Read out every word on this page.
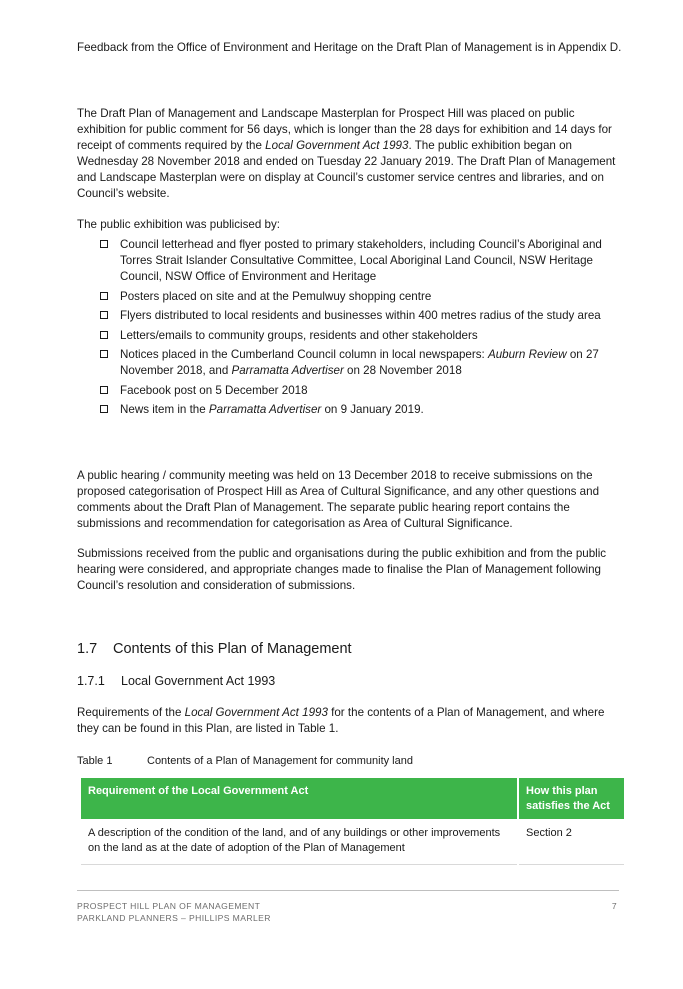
Feedback from the Office of Environment and Heritage on the Draft Plan of Management is in Appendix D.

The Draft Plan of Management and Landscape Masterplan for Prospect Hill was placed on public exhibition for public comment for 56 days, which is longer than the 28 days for exhibition and 14 days for receipt of comments required by the Local Government Act 1993. The public exhibition began on Wednesday 28 November 2018 and ended on Tuesday 22 January 2019. The Draft Plan of Management and Landscape Masterplan were on display at Council’s customer service centres and libraries, and on Council’s website.

The public exhibition was publicised by:

Council letterhead and flyer posted to primary stakeholders, including Council’s Aboriginal and Torres Strait Islander Consultative Committee, Local Aboriginal Land Council, NSW Heritage Council, NSW Office of Environment and Heritage
Posters placed on site and at the Pemulwuy shopping centre
Flyers distributed to local residents and businesses within 400 metres radius of the study area
Letters/emails to community groups, residents and other stakeholders
Notices placed in the Cumberland Council column in local newspapers: Auburn Review on 27 November 2018, and Parramatta Advertiser on 28 November 2018
Facebook post on 5 December 2018
News item in the Parramatta Advertiser on 9 January 2019.

A public hearing / community meeting was held on 13 December 2018 to receive submissions on the proposed categorisation of Prospect Hill as Area of Cultural Significance, and any other questions and comments about the Draft Plan of Management. The separate public hearing report contains the submissions and recommendation for categorisation as Area of Cultural Significance.

Submissions received from the public and organisations during the public exhibition and from the public hearing were considered, and appropriate changes made to finalise the Plan of Management following Council’s resolution and consideration of submissions.

1.7 Contents of this Plan of Management
1.7.1 Local Government Act 1993

Requirements of the Local Government Act 1993 for the contents of a Plan of Management, and where they can be found in this Plan, are listed in Table 1.

Table 1	Contents of a Plan of Management for community land
Requirement of the Local Government Act	How this plan satisfies the Act
A description of the condition of the land, and of any buildings or other improvements on the land as at the date of adoption of the Plan of Management	Section 2
PROSPECT HILL PLAN OF MANAGEMENT
PARKLAND PLANNERS – PHILLIPS MARLER
7
